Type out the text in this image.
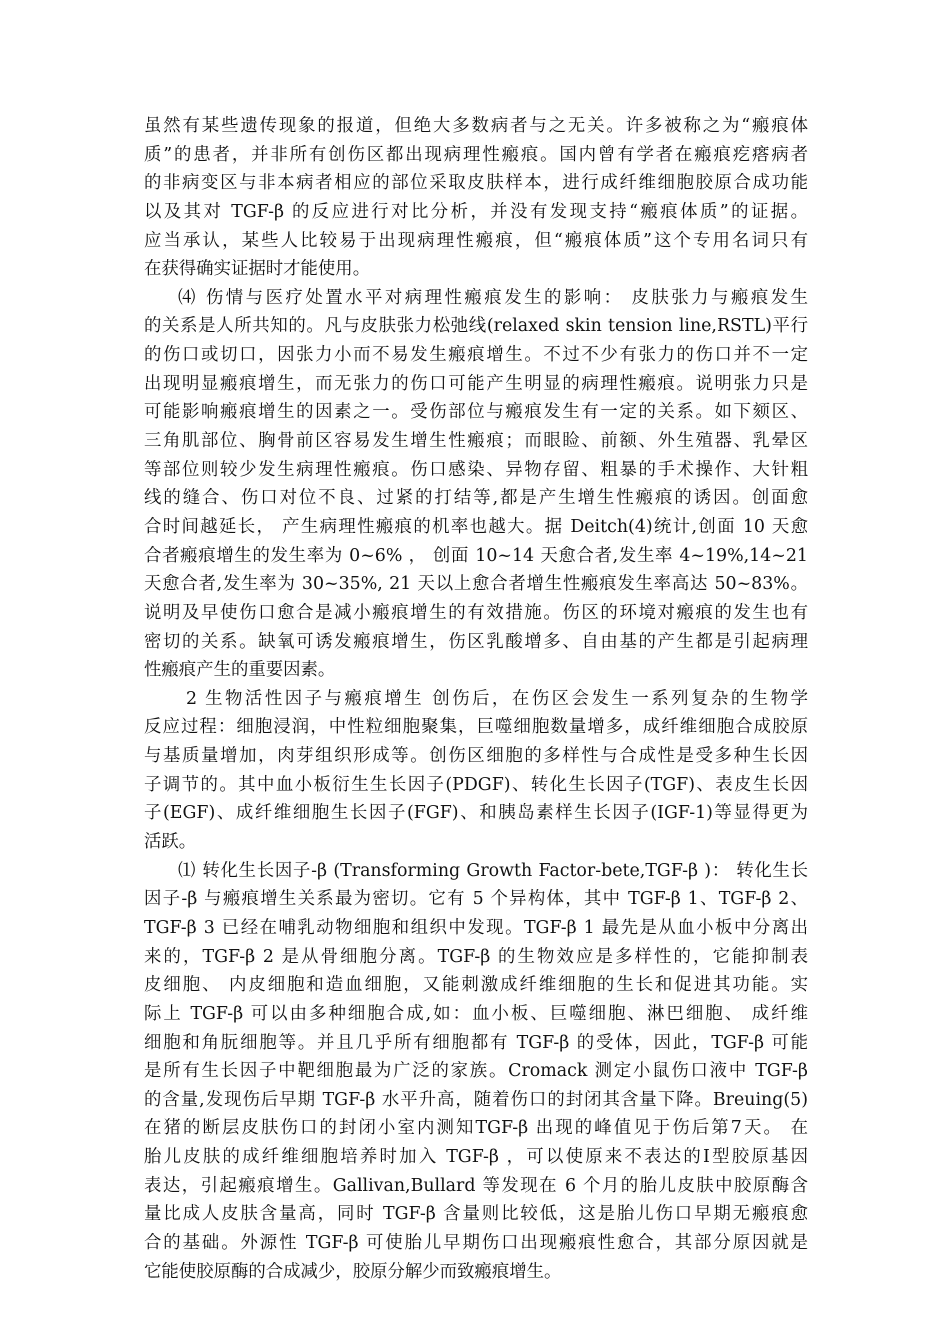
虽然有某些遗传现象的报道，但绝大多数病者与之无关。许多被称之为“瘢痕体
质”的患者，并非所有创伤区都出现病理性瘢痕。国内曾有学者在瘢痕疙瘩病者
的非病变区与非本病者相应的部位采取皮肤样本，进行成纤维细胞胶原合成功能
以及其对 TGF-β 的反应进行对比分析，并没有发现支持“瘢痕体质”的证据。
应当承认，某些人比较易于出现病理性瘢痕，但“瘢痕体质”这个专用名词只有
在获得确实证据时才能使用。
⑷ 伤情与医疗处置水平对病理性瘢痕发生的影响： 皮肤张力与瘢痕发生
的关系是人所共知的。凡与皮肤张力松弛线(relaxed skin tension line,RSTL)平行
的伤口或切口，因张力小而不易发生瘢痕增生。不过不少有张力的伤口并不一定
出现明显瘢痕增生，而无张力的伤口可能产生明显的病理性瘢痕。说明张力只是
可能影响瘢痕增生的因素之一。受伤部位与瘢痕发生有一定的关系。如下颏区、
三角肌部位、胸骨前区容易发生增生性瘢痕；而眼睑、前额、外生殖器、乳晕区
等部位则较少发生病理性瘢痕。伤口感染、异物存留、粗暴的手术操作、大针粗
线的缝合、伤口对位不良、过紧的打结等,都是产生增生性瘢痕的诱因。创面愈
合时间越延长， 产生病理性瘢痕的机率也越大。据 Deitch(4)统计,创面 10 天愈
合者瘢痕增生的发生率为 0~6% ， 创面 10~14 天愈合者,发生率 4~19%,14~21
天愈合者,发生率为 30~35%, 21 天以上愈合者增生性瘢痕发生率高达 50~83%。
说明及早使伤口愈合是减小瘢痕增生的有效措施。伤区的环境对瘢痕的发生也有
密切的关系。缺氧可诱发瘢痕增生，伤区乳酸增多、自由基的产生都是引起病理
性瘢痕产生的重要因素。
2 生物活性因子与瘢痕增生 创伤后，在伤区会发生一系列复杂的生物学
反应过程：细胞浸润，中性粒细胞聚集，巨噬细胞数量增多，成纤维细胞合成胶原
与基质量增加，肉芽组织形成等。创伤区细胞的多样性与合成性是受多种生长因
子调节的。其中血小板衍生生长因子(PDGF)、转化生长因子(TGF)、表皮生长因
子(EGF)、成纤维细胞生长因子(FGF)、和胰岛素样生长因子(IGF-1)等显得更为
活跃。
⑴ 转化生长因子-β (Transforming Growth Factor-bete,TGF-β )： 转化生长
因子-β 与瘢痕增生关系最为密切。它有 5 个异构体，其中 TGF-β 1、TGF-β 2、
TGF-β 3 已经在哺乳动物细胞和组织中发现。TGF-β 1 最先是从血小板中分离出
来的，TGF-β 2 是从骨细胞分离。TGF-β 的生物效应是多样性的，它能抑制表
皮细胞、 内皮细胞和造血细胞，又能刺激成纤维细胞的生长和促进其功能。实
际上 TGF-β 可以由多种细胞合成,如：血小板、巨噬细胞、淋巴细胞、 成纤维
细胞和角朊细胞等。并且几乎所有细胞都有 TGF-β 的受体，因此，TGF-β 可能
是所有生长因子中靶细胞最为广泛的家族。Cromack 测定小鼠伤口液中 TGF-β
的含量,发现伤后早期 TGF-β 水平升高，随着伤口的封闭其含量下降。Breuing(5)
在猪的断层皮肤伤口的封闭小室内测知TGF-β 出现的峰值见于伤后第7天。 在
胎儿皮肤的成纤维细胞培养时加入 TGF-β ，可以使原来不表达的Ⅰ型胶原基因
表达，引起瘢痕增生。Gallivan,Bullard 等发现在 6 个月的胎儿皮肤中胶原酶含
量比成人皮肤含量高，同时 TGF-β 含量则比较低，这是胎儿伤口早期无瘢痕愈
合的基础。外源性 TGF-β 可使胎儿早期伤口出现瘢痕性愈合，其部分原因就是
它能使胶原酶的合成减少，胶原分解少而致瘢痕增生。
